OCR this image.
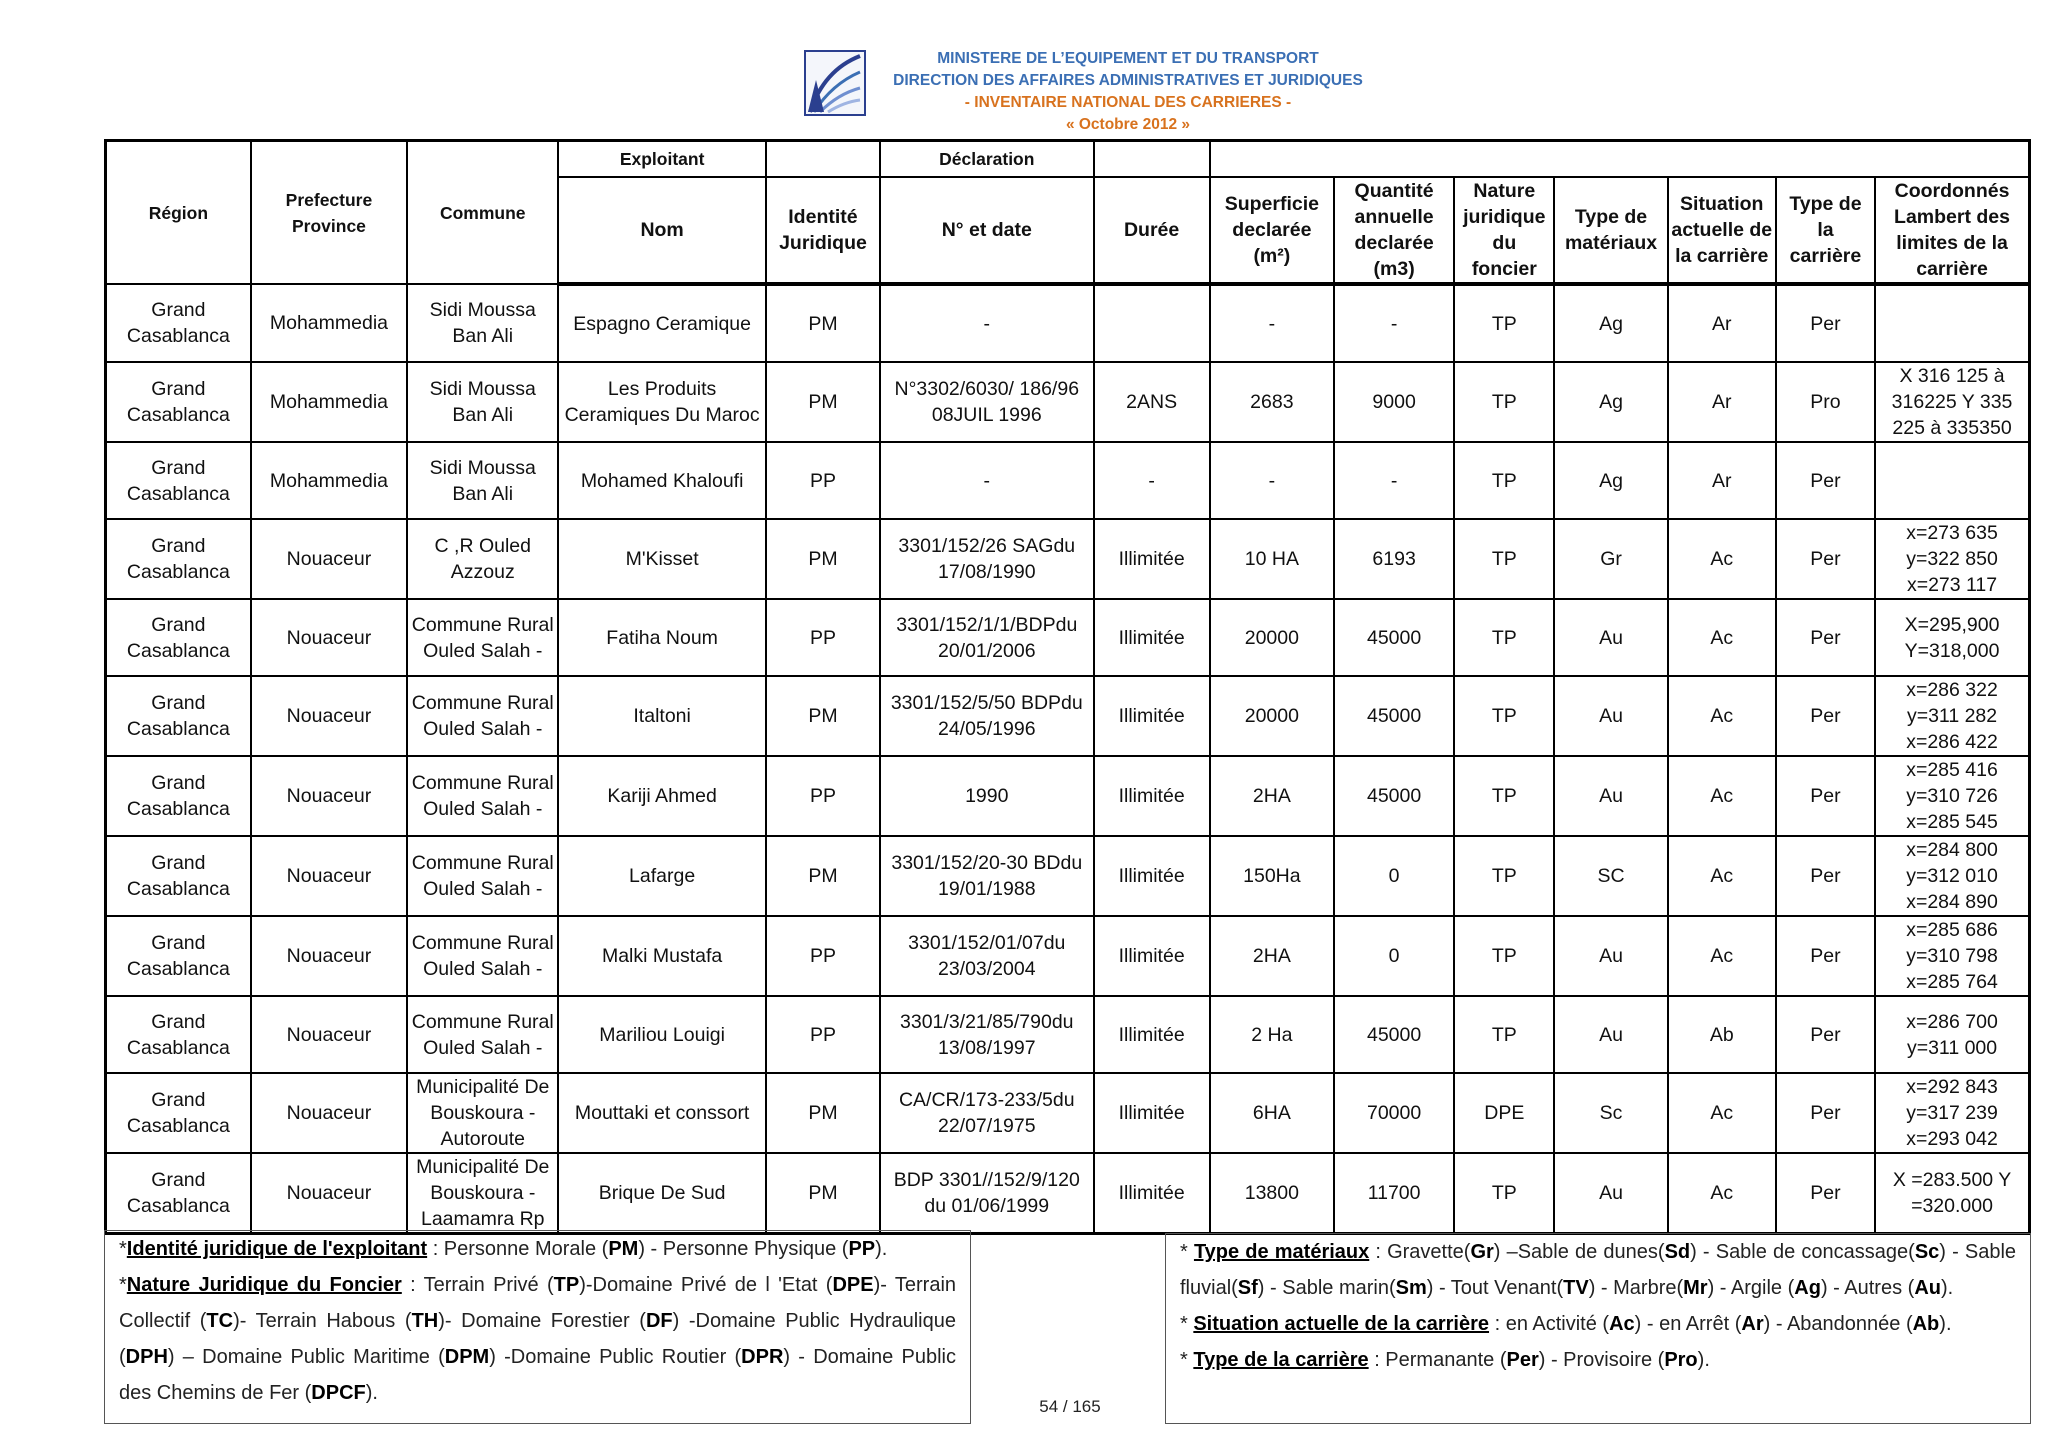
MINISTERE DE L’EQUIPEMENT ET DU TRANSPORT
DIRECTION DES AFFAIRES ADMINISTRATIVES ET JURIDIQUES
- INVENTAIRE NATIONAL DES CARRIERES -
« Octobre 2012 »
Région	Prefecture Province	Commune	Exploitant		Déclaration								
			Nom	Identité Juridique	N° et date	Durée	Superficie declarée (m²)	Quantité annuelle declarée (m3)	Nature juridique du foncier	Type de matériaux	Situation actuelle de la carrière	Type de la carrière	Coordonnés Lambert des limites de la carrière
Grand Casablanca	Mohammedia	Sidi Moussa Ban Ali	Espagno Ceramique	PM	-		-	-	TP	Ag	Ar	Per	
Grand Casablanca	Mohammedia	Sidi Moussa Ban Ali	Les Produits Ceramiques Du Maroc	PM	N°3302/6030/ 186/96 08JUIL 1996	2ANS	2683	9000	TP	Ag	Ar	Pro	X 316 125 à 316225 Y 335 225 à 335350
Grand Casablanca	Mohammedia	Sidi Moussa Ban Ali	Mohamed Khaloufi	PP	-	-	-	-	TP	Ag	Ar	Per	
Grand Casablanca	Nouaceur	C ,R Ouled Azzouz	M'Kisset	PM	3301/152/26 SAGdu 17/08/1990	Illimitée	10 HA	6193	TP	Gr	Ac	Per	x=273 635 y=322 850 x=273 117
Grand Casablanca	Nouaceur	Commune Rural Ouled Salah -	Fatiha Noum	PP	3301/152/1/1/BDPdu 20/01/2006	Illimitée	20000	45000	TP	Au	Ac	Per	X=295,900 Y=318,000
Grand Casablanca	Nouaceur	Commune Rural Ouled Salah -	Italtoni	PM	3301/152/5/50 BDPdu 24/05/1996	Illimitée	20000	45000	TP	Au	Ac	Per	x=286 322 y=311 282 x=286 422
Grand Casablanca	Nouaceur	Commune Rural Ouled Salah -	Kariji Ahmed	PP	1990	Illimitée	2HA	45000	TP	Au	Ac	Per	x=285 416 y=310 726 x=285 545
Grand Casablanca	Nouaceur	Commune Rural Ouled Salah -	Lafarge	PM	3301/152/20-30 BDdu 19/01/1988	Illimitée	150Ha	0	TP	SC	Ac	Per	x=284 800 y=312 010 x=284 890
Grand Casablanca	Nouaceur	Commune Rural Ouled Salah -	Malki Mustafa	PP	3301/152/01/07du 23/03/2004	Illimitée	2HA	0	TP	Au	Ac	Per	x=285 686 y=310 798 x=285 764
Grand Casablanca	Nouaceur	Commune Rural Ouled Salah -	Mariliou Louigi	PP	3301/3/21/85/790du 13/08/1997	Illimitée	2 Ha	45000	TP	Au	Ab	Per	x=286 700 y=311 000
Grand Casablanca	Nouaceur	Municipalité De Bouskoura - Autoroute	Mouttaki et conssort	PM	CA/CR/173-233/5du 22/07/1975	Illimitée	6HA	70000	DPE	Sc	Ac	Per	x=292 843 y=317 239 x=293 042
Grand Casablanca	Nouaceur	Municipalité De Bouskoura - Laamamra Rp	Brique De Sud	PM	BDP 3301//152/9/120 du 01/06/1999	Illimitée	13800	11700	TP	Au	Ac	Per	X =283.500 Y =320.000

*Identité juridique de l'exploitant : Personne Morale (PM) - Personne Physique (PP).

*Nature Juridique du Foncier : Terrain Privé (TP)-Domaine Privé de l 'Etat (DPE)- Terrain Collectif (TC)- Terrain Habous (TH)- Domaine Forestier (DF) -Domaine Public Hydraulique (DPH) – Domaine Public Maritime (DPM) -Domaine Public Routier (DPR) - Domaine Public des Chemins de Fer (DPCF).

* Type de matériaux : Gravette(Gr) –Sable de dunes(Sd) - Sable de concassage(Sc) - Sable fluvial(Sf) - Sable marin(Sm) - Tout Venant(TV) - Marbre(Mr) - Argile (Ag) - Autres (Au).

* Situation actuelle de la carrière : en Activité (Ac) - en Arrêt (Ar) - Abandonnée (Ab).

* Type de la carrière : Permanante (Per) - Provisoire (Pro).

54 / 165
